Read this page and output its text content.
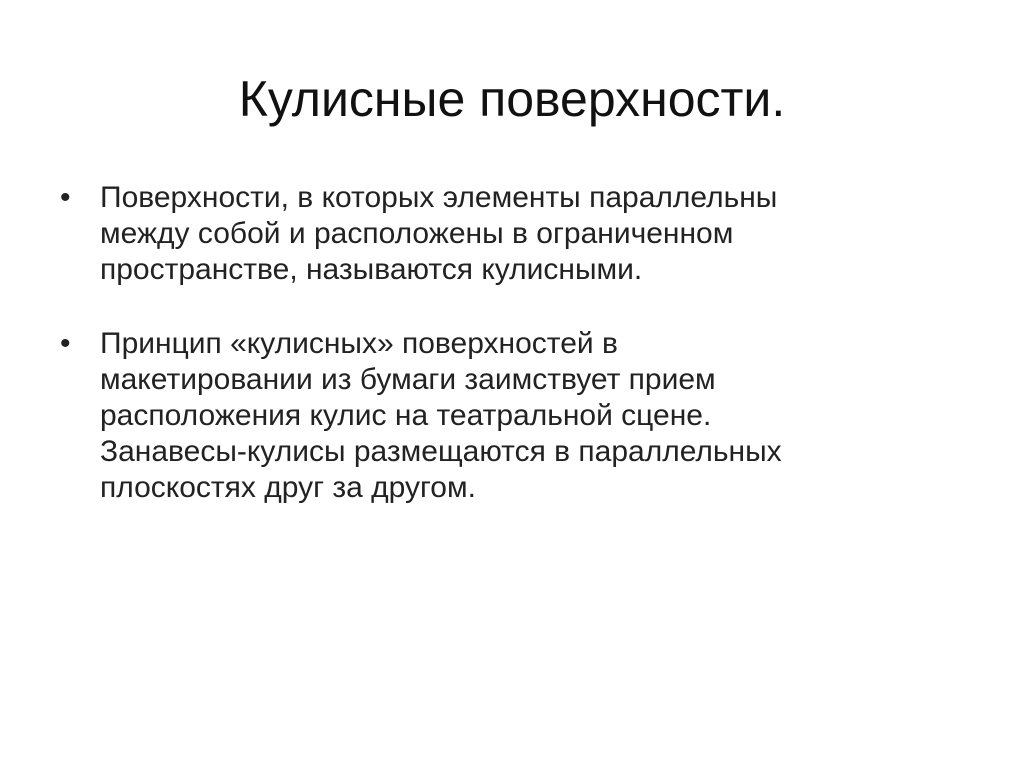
Кулисные поверхности.
• Поверхности, в которых элементы параллельны
между собой и расположены в ограниченном
пространстве, называются кулисными.
• Принцип «кулисных» поверхностей в
макетировании из бумаги заимствует прием
расположения кулис на театральной сцене.
Занавесы-кулисы размещаются в параллельных
плоскостях друг за другом.
